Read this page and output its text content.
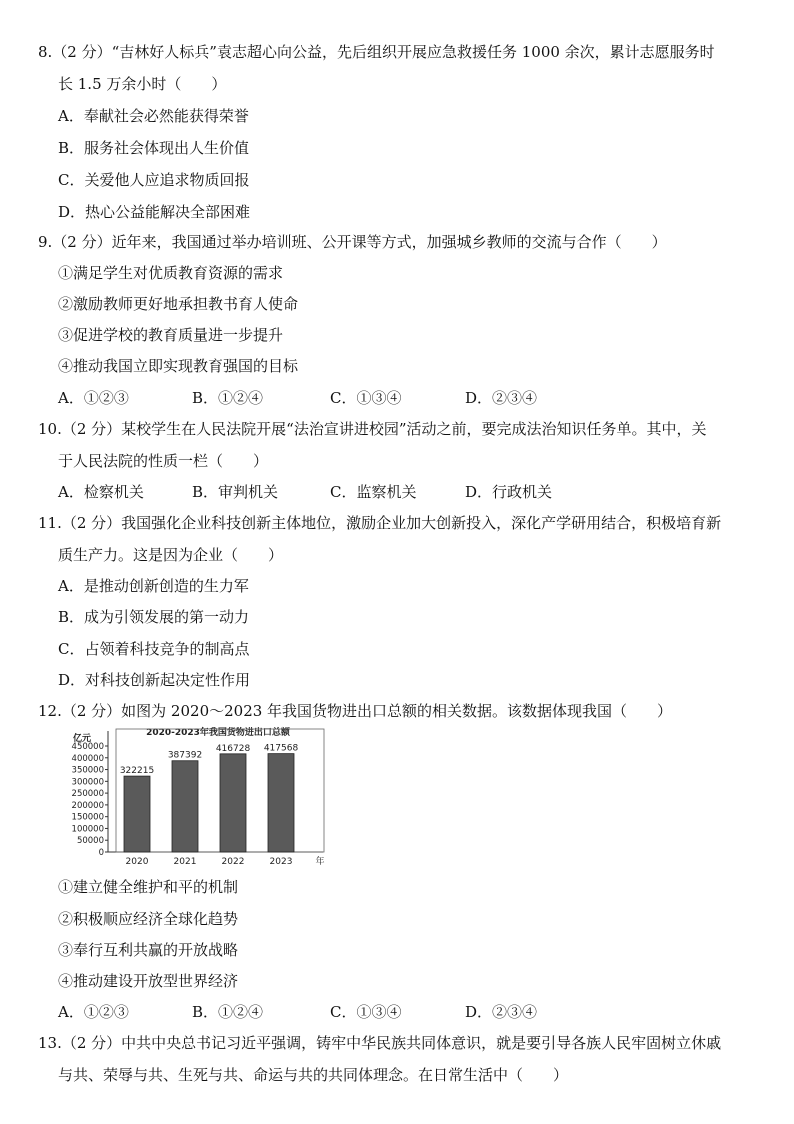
8.（2 分）“吉林好人标兵”袁志超心向公益，先后组织开展应急救援任务 1000 余次，累计志愿服务时
长 1.5 万余小时（　　）
A．奉献社会必然能获得荣誉
B．服务社会体现出人生价值
C．关爱他人应追求物质回报
D．热心公益能解决全部困难
9.（2 分）近年来，我国通过举办培训班、公开课等方式，加强城乡教师的交流与合作（　　）
①满足学生对优质教育资源的需求
②激励教师更好地承担教书育人使命
③促进学校的教育质量进一步提升
④推动我国立即实现教育强国的目标
A．①②③	B．①②④	C．①③④	D．②③④
10.（2 分）某校学生在人民法院开展“法治宣讲进校园”活动之前，要完成法治知识任务单。其中，关
于人民法院的性质一栏（　　）
A．检察机关	B．审判机关	C．监察机关	D．行政机关
11.（2 分）我国强化企业科技创新主体地位，激励企业加大创新投入，深化产学研用结合，积极培育新
质生产力。这是因为企业（　　）
A．是推动创新创造的生力军
B．成为引领发展的第一动力
C．占领着科技竞争的制高点
D．对科技创新起决定性作用
12.（2 分）如图为 2020～2023 年我国货物进出口总额的相关数据。该数据体现我国（　　）
2020-2023年我国货物进出口总额
亿元
年
450000
400000
350000
300000
250000
200000
150000
100000
50000
0
322215
2020
387392
2021
416728
2022
417568
2023
①建立健全维护和平的机制
②积极顺应经济全球化趋势
③奉行互利共赢的开放战略
④推动建设开放型世界经济
A．①②③	B．①②④	C．①③④	D．②③④
13.（2 分）中共中央总书记习近平强调，铸牢中华民族共同体意识，就是要引导各族人民牢固树立休戚
与共、荣辱与共、生死与共、命运与共的共同体理念。在日常生活中（　　）
